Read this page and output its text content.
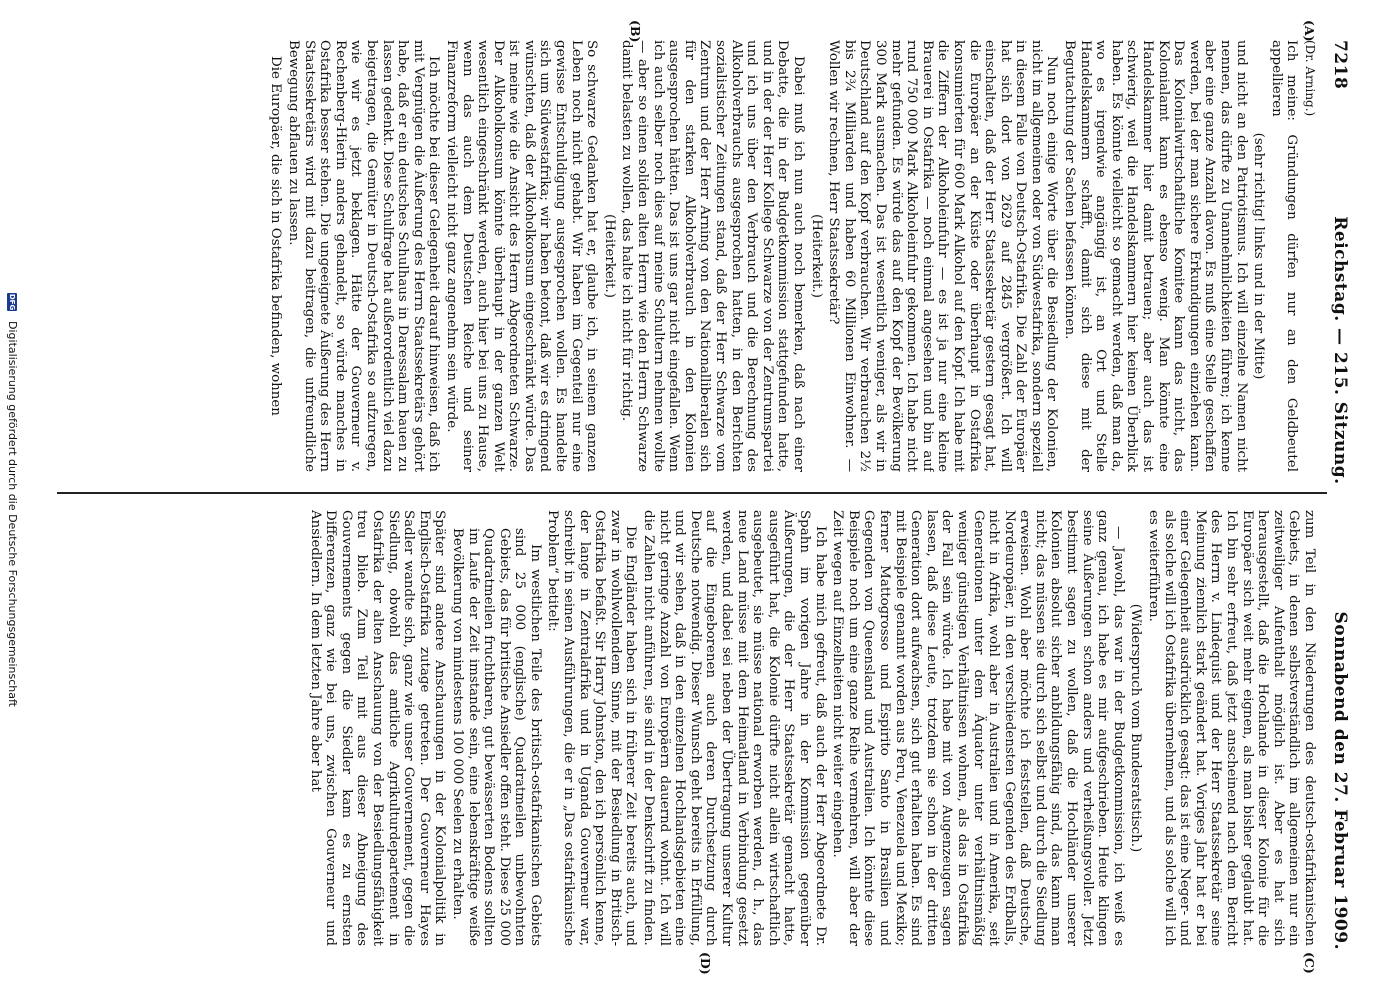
7218
Reichstag. — 215. Sitzung.
Sonnabend den 27. Februar 1909.
(A)
(B)
(C)
(D)
(Dr. Arning.)

Ich meine: Gründungen dürfen nur an den Geldbeutel appellieren

(sehr richtig! links und in der Mitte)

und nicht an den Patriotismus. Ich will einzelne Namen nicht nennen, das dürfte zu Unannehmlichkeiten führen; ich kenne aber eine ganze Anzahl davon. Es muß eine Stelle geschaffen werden, bei der man sichere Erkundigungen einziehen kann. Das Kolonialwirtschaftliche Komitee kann das nicht, das Kolonialamt kann es ebenso wenig. Man könnte eine Handelskammer hier damit betrauen; aber auch das ist schwierig, weil die Handelskammern hier keinen Überblick haben. Es könnte vielleicht so gemacht werden, daß man da, wo es irgendwie angängig ist, an Ort und Stelle Handelskammern schafft, damit sich diese mit der Begutachtung der Sachen befassen können.

Nun noch einige Worte über die Besiedlung der Kolonien, nicht im allgemeinen oder von Südwestafrika, sondern speziell in diesem Falle von Deutsch-Ostafrika. Die Zahl der Europäer hat sich dort von 2629 auf 2845 vergrößert. Ich will einschalten, daß der Herr Staatssekretär gestern gesagt hat, die Europäer an der Küste oder überhaupt in Ostafrika konsumierten für 600 Mark Alkohol auf den Kopf. Ich habe mit die Ziffern der Alkoholeinfuhr — es ist ja nur eine kleine Brauerei in Ostafrika — noch einmal angesehen und bin auf rund 750 000 Mark Alkoholeinfuhr gekommen. Ich habe nicht mehr gefunden. Es würde das auf den Kopf der Bevölkerung 300 Mark ausmachen. Das ist wesentlich weniger, als wir in Deutschland auf den Kopf verbrauchen. Wir verbrauchen 2½ bis 2¾ Milliarden und haben 60 Millionen Einwohner. — Wollen wir rechnen, Herr Staatssekretär?

(Heiterkeit.)

Dabei muß ich nun auch noch bemerken, daß nach einer Debatte, die in der Budgetkommission stattgefunden hatte, und in der der Herr Kollege Schwarze von der Zentrumspartei und ich uns über den Verbrauch und die Berechnung des Alkoholverbrauchs ausgesprochen hatten, in den Berichten sozialistischer Zeitungen stand, daß der Herr Schwarze vom Zentrum und der Herr Arning von den Nationalliberalen sich für den starken Alkoholverbrauch in den Kolonien ausgesprochen hätten. Das ist uns gar nicht eingefallen. Wenn ich auch selber noch dies auf meine Schultern nehmen wollte — aber so einen soliden alten Herrn wie den Herrn Schwarze damit belasten zu wollen, das halte ich nicht für richtig.

(Heiterkeit.)

So schwarze Gedanken hat er, glaube ich, in seinem ganzen Leben noch nicht gehabt. Wir haben im Gegenteil nur eine gewisse Entschuldigung ausgesprochen wollen. Es handelte sich um Südwestafrika; wir haben betont, daß wir es dringend wünschten, daß der Alkoholkonsum eingeschränkt würde. Das ist meine wie die Ansicht des Herrn Abgeordneten Schwarze. Der Alkoholkonsum könnte überhaupt in der ganzen Welt wesentlich eingeschränkt werden, auch hier bei uns zu Hause, wenn das auch dem Deutschen Reiche und seiner Finanzreform vielleicht nicht ganz angenehm sein würde.

Ich möchte bei dieser Gelegenheit darauf hinweisen, daß ich mit Vergnügen die Äußerung des Herrn Staatssekretärs gehört habe, daß er ein deutsches Schulhaus in Daressalam bauen zu lassen gedenkt. Diese Schulfrage hat außerordentlich viel dazu beigetragen, die Gemüter in Deutsch-Ostafrika so aufzuregen, wie wir es jetzt beklagen. Hätte der Gouverneur v. Rechenberg-Hierin anders gehandelt, so würde manches in Ostafrika besser stehen. Die ungeeignete Äußerung des Herrn Staatssekretärs wird mit dazu beitragen, die unfreundliche Bewegung abflauen zu lassen.

Die Europäer, die sich in Ostafrika befinden, wohnen

zum Teil in den Niederungen des deutsch-ostafrikanischen Gebiets, in denen selbstverständlich im allgemeinen nur ein zeitweiliger Aufenthalt möglich ist. Aber es hat sich herausgestellt, daß die Hochlande in dieser Kolonie für die Europäer sich weit mehr eignen, als man bisher geglaubt hat. Ich bin sehr erfreut, daß jetzt anscheinend nach dem Bericht des Herrn v. Lindequist und der Herr Staatssekretär seine Meinung ziemlich stark geändert hat. Voriges Jahr hat er bei einer Gelegenheit ausdrücklich gesagt: das ist eine Neger- und als solche will ich Ostafrika übernehmen, und als solche will ich es weiterführen.

(Widerspruch vom Bundesratstisch.)

— Jawohl, das war in der Budgetkommission, ich weiß es ganz genau, ich habe es mir aufgeschrieben. Heute klingen seine Äußerungen schon anders und verheißungsvoller. Jetzt bestimmt sagen zu wollen, daß die Hochländer unserer Kolonien absolut sicher anbildungsfähig sind, das kann man nicht; das müssen sie durch sich selbst und durch die Siedlung erweisen. Wohl aber möchte ich feststellen, daß Deutsche, Nordeuropäer, in den verschiedensten Gegenden des Erdballs, nicht in Afrika, wohl aber in Australien und in Amerika, seit Generationen unter dem Äquator unter verhältnismäßig weniger günstigen Verhältnissen wohnen, als das in Ostafrika der Fall sein würde. Ich habe mit von Augenzeugen sagen lassen, daß diese Leute, trotzdem sie schon in der dritten Generation dort aufwachsen, sich gut erhalten haben. Es sind mit Beispiele genannt worden aus Peru, Venezuela und Mexiko; ferner Mattogrosso und Espirito Santo in Brasilien und Gegenden von Queensland und Australien. Ich könnte diese Beispiele noch um eine ganze Reihe vermehren, will aber der Zeit wegen auf Einzelheiten nicht weiter eingehen.

Ich habe mich gefreut, daß auch der Herr Abgeordnete Dr. Spahn im vorigen Jahre in der Kommission gegenüber Äußerungen, die der Herr Staatssekretär gemacht hatte, ausgeführt hat, die Kolonie dürfte nicht allein wirtschaftlich ausgebeutet, sie müsse national erworben werden, d. h., das neue Land müsse mit dem Heimatland in Verbindung gesetzt werden, und dabei sei neben der Übertragung unserer Kultur auf die Eingeborenen auch deren Durchsetzung durch Deutsche notwendig. Dieser Wunsch geht bereits in Erfüllung, und wir sehen, daß in den einzelnen Hochlandsgebieten eine nicht geringe Anzahl von Europäern dauernd wohnt. Ich will die Zahlen nicht anführen, sie sind in der Denkschrift zu finden.

Die Engländer haben sich in früherer Zeit bereits auch, und zwar in wohlwollendem Sinne, mit der Besiedlung in Britisch-Ostafrika befaßt. Sir Harry Johnston, den ich persönlich kenne, der lange in Zentralafrika und in Uganda Gouverneur war, schreibt in seinen Ausführungen, die er in „Das ostafrikanische Problem“ betitelt:

Im westlichen Teile des britisch-ostafrikanischen Gebiets sind 25 000 (englische) Quadratmeilen unbewohnten Gebiets, das für britische Ansiedler offen steht. Diese 25 000 Quadratmeilen fruchtbaren, gut bewässerten Bodens sollten im Laufe der Zeit imstande sein, eine lebenskräftige weiße Bevölkerung von mindestens 100 000 Seelen zu erhalten.

Später sind andere Anschauungen in der Kolonialpolitik in Englisch-Ostafrika zutage getreten. Der Gouverneur Hayes Sadler wandte sich, ganz wie unser Gouvernement, gegen die Siedlung, obwohl das amtliche Agrikulturdepartement in Ostafrika der alten Anschauung von der Besiedlungsfähigkeit treu blieb. Zum Teil mit aus dieser Abneigung des Gouvernements gegen die Siedler kam es zu ernsten Differenzen, ganz wie bei uns, zwischen Gouverneur und Ansiedlern. In dem letzten Jahre aber hat

DFG
Digitalisierung gefördert durch die Deutsche Forschungsgemeinschaft
